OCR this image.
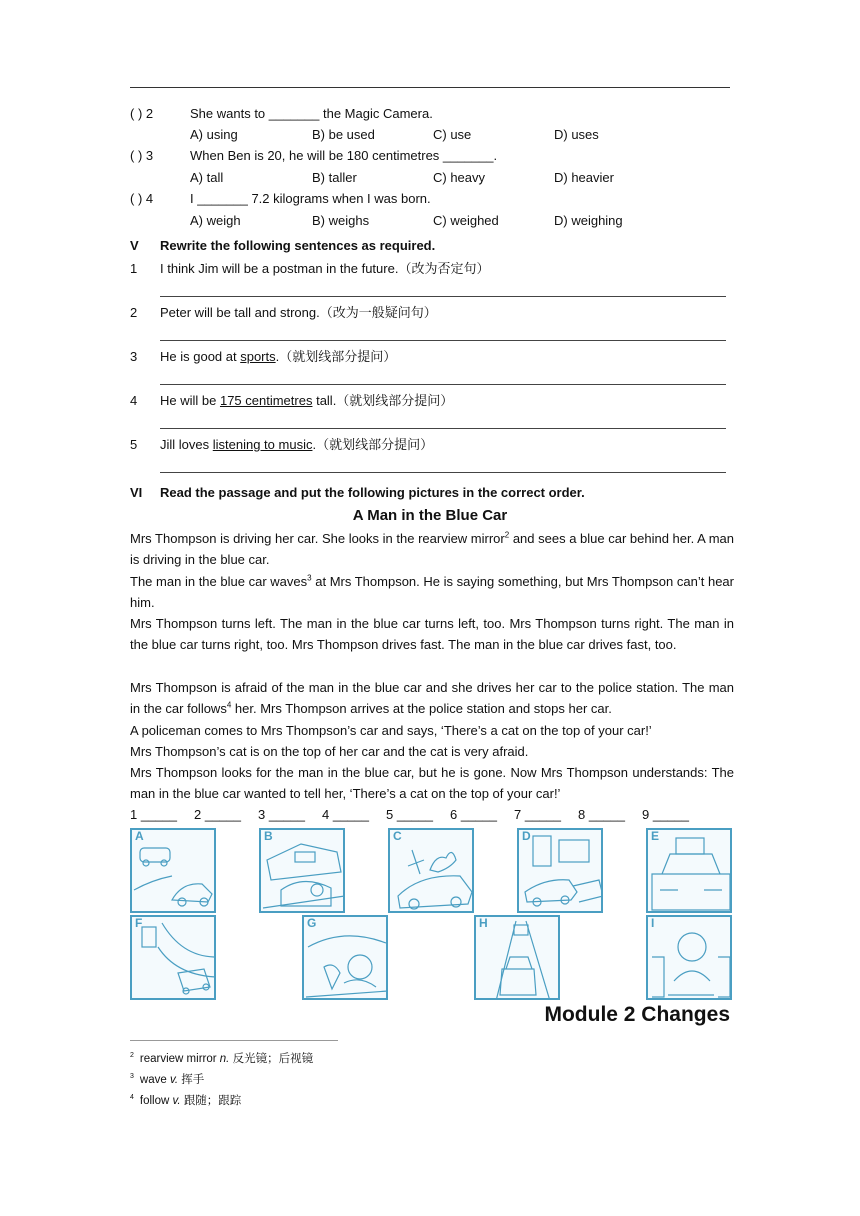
( ) 2	She wants to _______ the Magic Camera.
A) using	B) be used	C) use	D) uses
( ) 3	When Ben is 20, he will be 180 centimetres _______.
A) tall	B) taller	C) heavy	D) heavier
( ) 4	I _______ 7.2 kilograms when I was born.
A) weigh	B) weighs	C) weighed	D) weighing
V Rewrite the following sentences as required.
1 I think Jim will be a postman in the future.（改为否定句）
2 Peter will be tall and strong.（改为一般疑问句）
3 He is good at sports.（就划线部分提问）
4 He will be 175 centimetres tall.（就划线部分提问）
5 Jill loves listening to music.（就划线部分提问）
VI Read the passage and put the following pictures in the correct order.
A Man in the Blue Car
Mrs Thompson is driving her car. She looks in the rearview mirror$^2$ and sees a blue car behind her. A man is driving in the blue car.
The man in the blue car waves$^3$ at Mrs Thompson. He is saying something, but Mrs Thompson can’t hear him.
Mrs Thompson turns left. The man in the blue car turns left, too. Mrs Thompson turns right. The man in the blue car turns right, too. Mrs Thompson drives fast. The man in the blue car drives fast, too.
Mrs Thompson is afraid of the man in the blue car and she drives her car to the police station. The man in the car follows$^4$ her. Mrs Thompson arrives at the police station and stops her car.
A policeman comes to Mrs Thompson’s car and says, ‘There’s a cat on the top of your car!’
Mrs Thompson’s cat is on the top of her car and the cat is very afraid.
Mrs Thompson looks for the man in the blue car, but he is gone. Now Mrs Thompson understands: The man in the blue car wanted to tell her, ‘There’s a cat on the top of your car!’
1 _____ 2 _____ 3 _____ 4 _____ 5 _____ 6 _____ 7 _____ 8 _____ 9 _____
A	B	C	D	E
F	G	H	I
Module 2 Changes
$^2$ rearview mirror n. 反光镜；后视镜
$^3$ wave v. 挥手
$^4$ follow v. 跟随；跟踪
